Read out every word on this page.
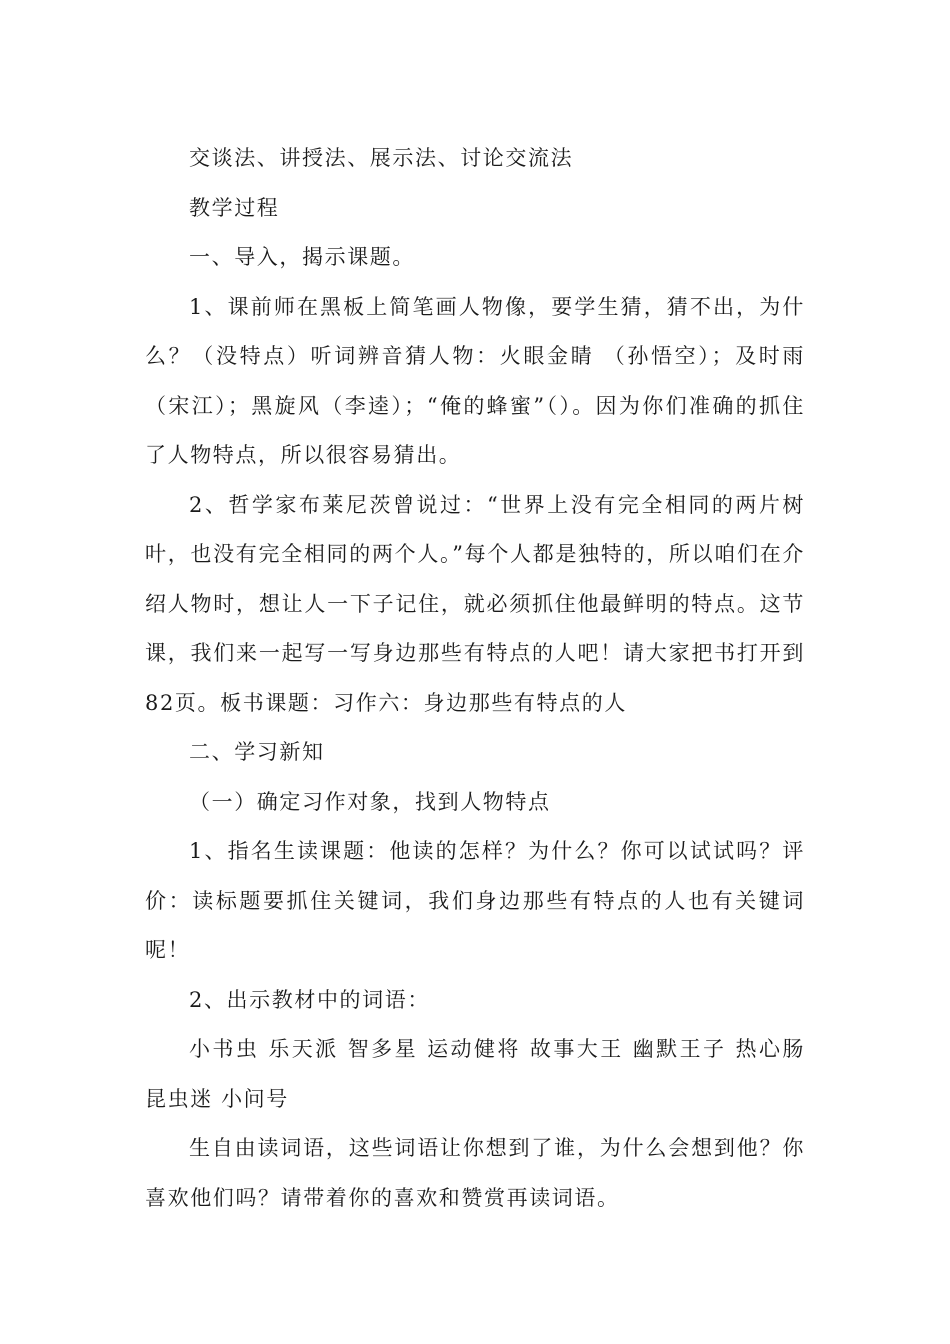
交谈法、讲授法、展示法、讨论交流法

教学过程

一、导入，揭示课题。

1、课前师在黑板上简笔画人物像，要学生猜，猜不出，为什么？（没特点）听词辨音猜人物：火眼金睛 （孙悟空）；及时雨（宋江）；黑旋风（李逵）；“俺的蜂蜜”（）。因为你们准确的抓住了人物特点，所以很容易猜出。

2、哲学家布莱尼茨曾说过：“世界上没有完全相同的两片树叶，也没有完全相同的两个人。”每个人都是独特的，所以咱们在介绍人物时，想让人一下子记住，就必须抓住他最鲜明的特点。这节课，我们来一起写一写身边那些有特点的人吧！请大家把书打开到82页。板书课题：习作六：身边那些有特点的人

二、学习新知

（一）确定习作对象，找到人物特点

1、指名生读课题：他读的怎样？为什么？你可以试试吗？评价：读标题要抓住关键词，我们身边那些有特点的人也有关键词呢！

2、出示教材中的词语：

小书虫 乐天派 智多星 运动健将 故事大王 幽默王子 热心肠 昆虫迷 小问号

生自由读词语，这些词语让你想到了谁，为什么会想到他？你喜欢他们吗？请带着你的喜欢和赞赏再读词语。
